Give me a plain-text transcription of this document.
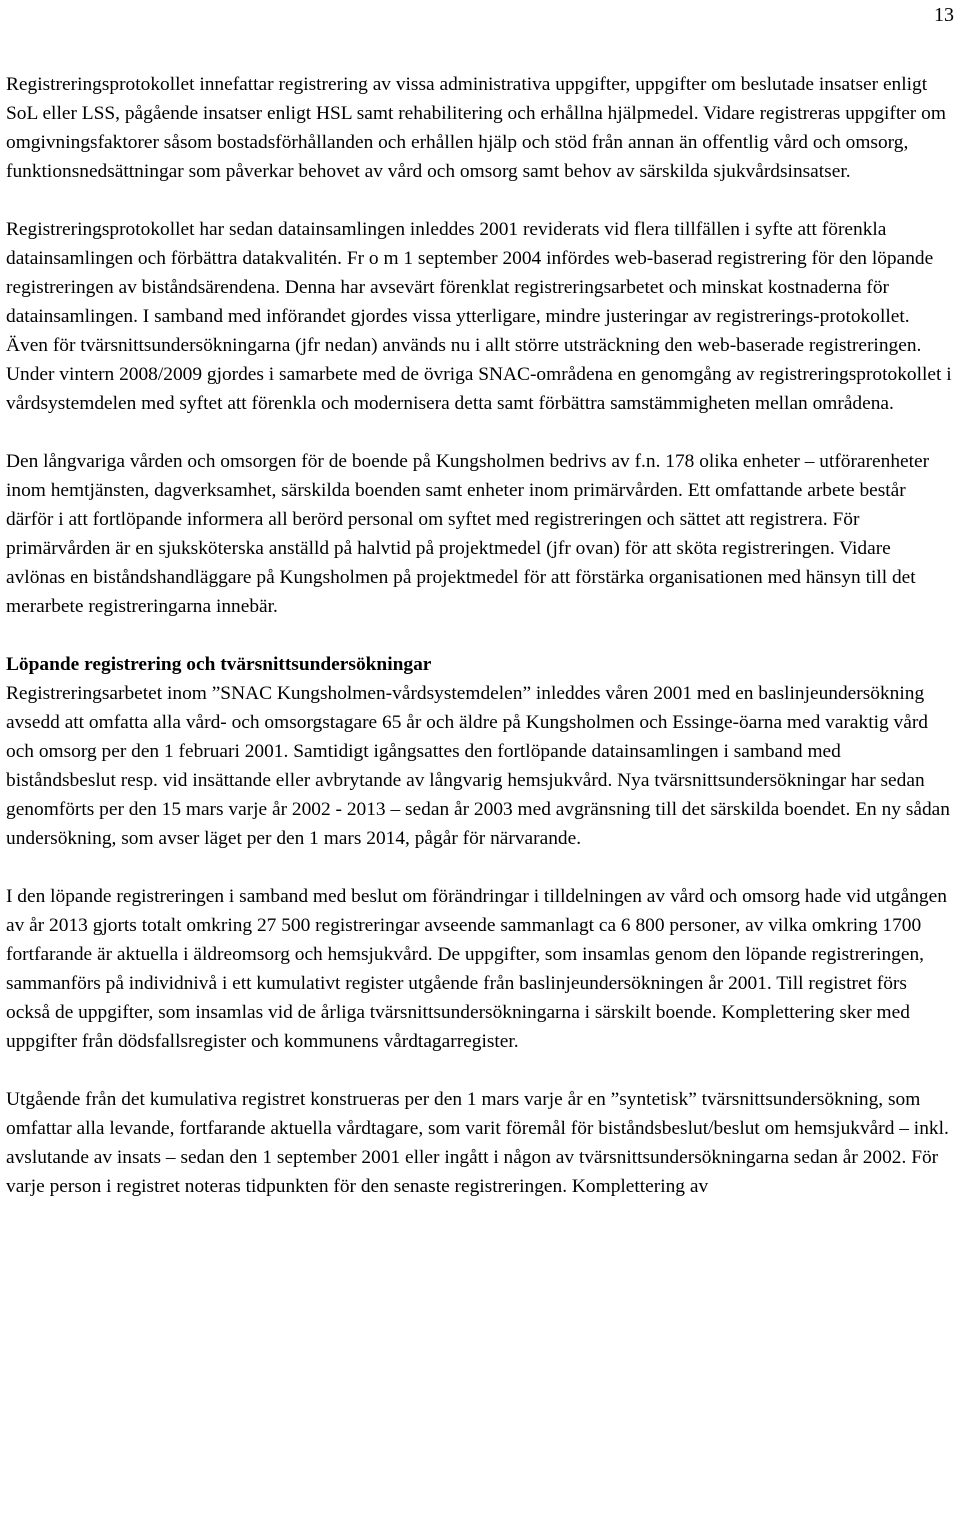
13

Registreringsprotokollet innefattar registrering av vissa administrativa uppgifter, uppgifter om beslutade insatser enligt SoL eller LSS, pågående insatser enligt HSL samt rehabilitering och erhållna hjälpmedel. Vidare registreras uppgifter om omgivningsfaktorer såsom bostadsförhållanden och erhållen hjälp och stöd från annan än offentlig vård och omsorg, funktionsnedsättningar som påverkar behovet av vård och omsorg samt behov av särskilda sjukvårdsinsatser.

Registreringsprotokollet har sedan datainsamlingen inleddes 2001 reviderats vid flera tillfällen i syfte att förenkla datainsamlingen och förbättra datakvalitén. Fr o m 1 september 2004 infördes web-baserad registrering för den löpande registreringen av biståndsärendena. Denna har avsevärt förenklat registreringsarbetet och minskat kostnaderna för datainsamlingen. I samband med införandet gjordes vissa ytterligare, mindre justeringar av registrerings-protokollet. Även för tvärsnittsundersökningarna (jfr nedan) används nu i allt större utsträckning den web-baserade registreringen. Under vintern 2008/2009 gjordes i samarbete med de övriga SNAC-områdena en genomgång av registreringsprotokollet i vårdsystemdelen med syftet att förenkla och modernisera detta samt förbättra samstämmigheten mellan områdena.

Den långvariga vården och omsorgen för de boende på Kungsholmen bedrivs av f.n. 178 olika enheter – utförarenheter inom hemtjänsten, dagverksamhet, särskilda boenden samt enheter inom primärvården. Ett omfattande arbete består därför i att fortlöpande informera all berörd personal om syftet med registreringen och sättet att registrera. För primärvården är en sjuksköterska anställd på halvtid på projektmedel (jfr ovan) för att sköta registreringen. Vidare avlönas en biståndshandläggare på Kungsholmen på projektmedel för att förstärka organisationen med hänsyn till det merarbete registreringarna innebär.

Löpande registrering och tvärsnittsundersökningar

Registreringsarbetet inom ”SNAC Kungsholmen-vårdsystemdelen” inleddes våren 2001 med en baslinjeundersökning avsedd att omfatta alla vård- och omsorgstagare 65 år och äldre på Kungsholmen och Essinge-öarna med varaktig vård och omsorg per den 1 februari 2001. Samtidigt igångsattes den fortlöpande datainsamlingen i samband med biståndsbeslut resp. vid insättande eller avbrytande av långvarig hemsjukvård. Nya tvärsnittsundersökningar har sedan genomförts per den 15 mars varje år 2002 - 2013 – sedan år 2003 med avgränsning till det särskilda boendet. En ny sådan undersökning, som avser läget per den 1 mars 2014, pågår för närvarande.

I den löpande registreringen i samband med beslut om förändringar i tilldelningen av vård och omsorg hade vid utgången av år 2013 gjorts totalt omkring 27 500 registreringar avseende sammanlagt ca 6 800 personer, av vilka omkring 1700 fortfarande är aktuella i äldreomsorg och hemsjukvård. De uppgifter, som insamlas genom den löpande registreringen, sammanförs på individnivå i ett kumulativt register utgående från baslinjeundersökningen år 2001. Till registret förs också de uppgifter, som insamlas vid de årliga tvärsnittsundersökningarna i särskilt boende. Komplettering sker med uppgifter från dödsfallsregister och kommunens vårdtagarregister.

Utgående från det kumulativa registret konstrueras per den 1 mars varje år en ”syntetisk” tvärsnittsundersökning, som omfattar alla levande, fortfarande aktuella vårdtagare, som varit föremål för biståndsbeslut/beslut om hemsjukvård – inkl. avslutande av insats – sedan den 1 september 2001 eller ingått i någon av tvärsnittsundersökningarna sedan år 2002. För varje person i registret noteras tidpunkten för den senaste registreringen. Komplettering av
